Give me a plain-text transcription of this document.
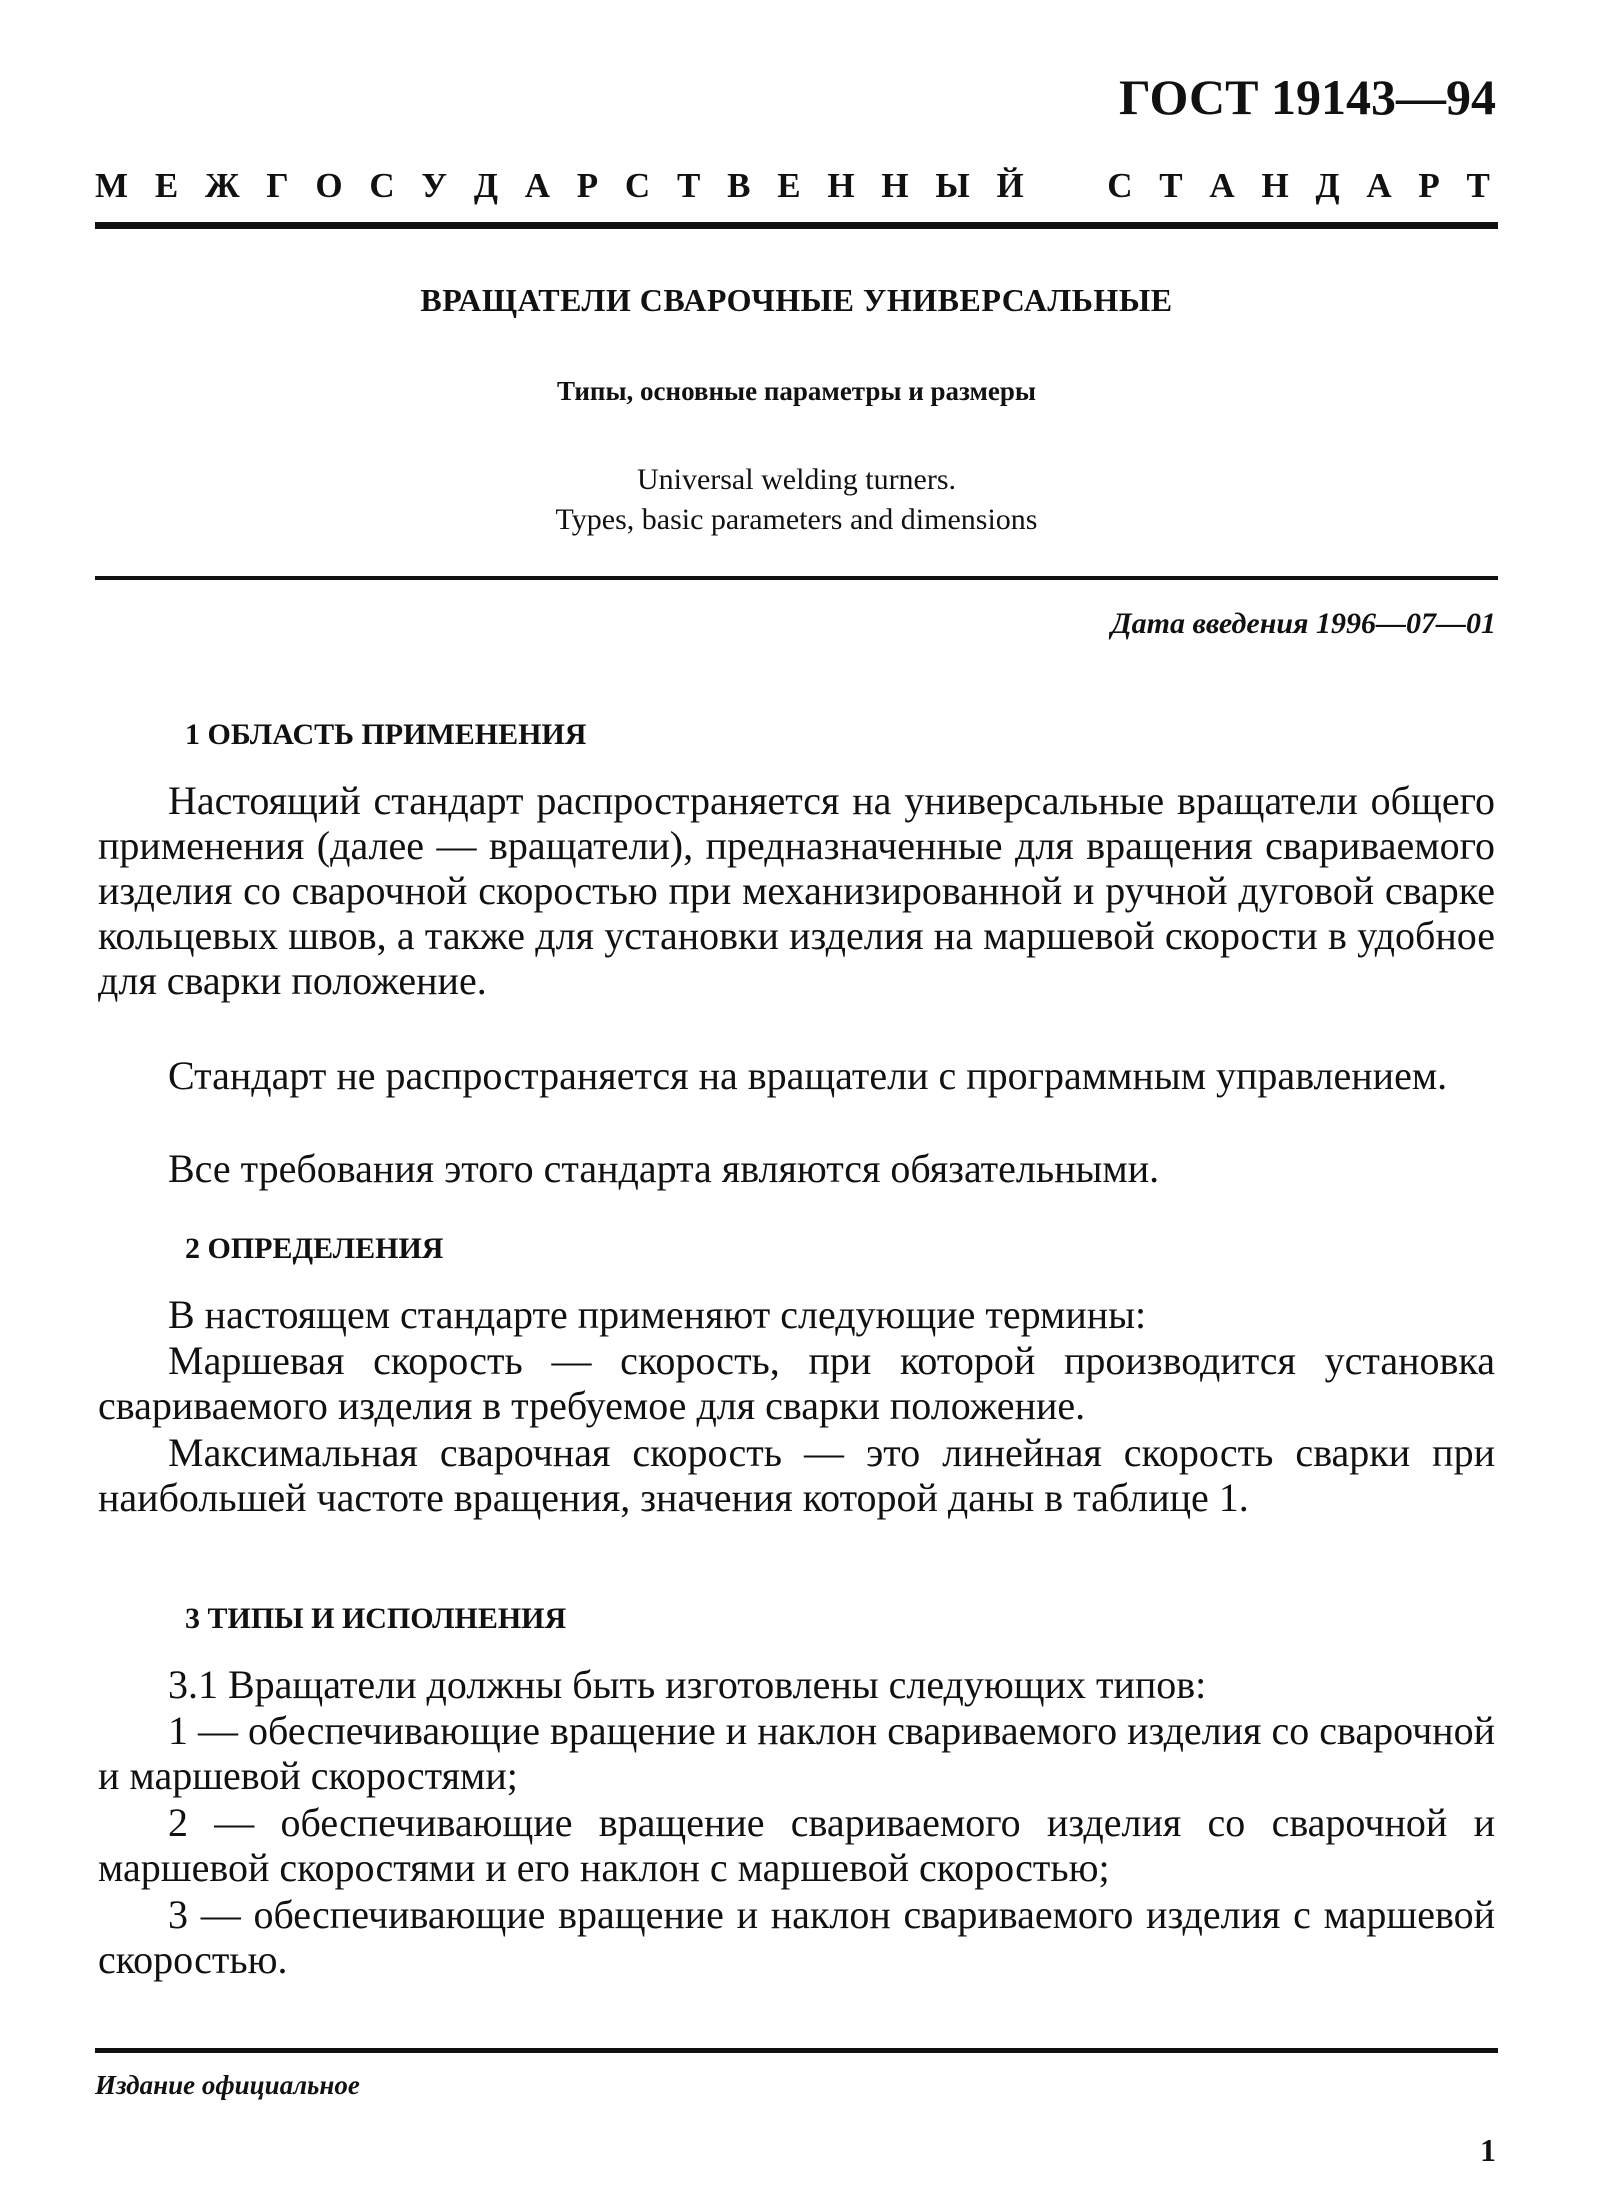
ГОСТ 19143—94
М Е Ж Г О С У Д А Р С Т В Е Н Н Ы Й С Т А Н Д А Р Т
ВРАЩАТЕЛИ СВАРОЧНЫЕ УНИВЕРСАЛЬНЫЕ
Типы, основные параметры и размеры
Universal welding turners.
Types, basic parameters and dimensions
Дата введения 1996—07—01
1 ОБЛАСТЬ ПРИМЕНЕНИЯ
Настоящий стандарт распространяется на универсальные вращатели общего применения (далее — вращатели), предназначенные для вращения свариваемого изделия со сварочной скоростью при механизированной и ручной дуговой сварке кольцевых швов, а также для установки изделия на маршевой скорости в удобное для сварки положение.
Стандарт не распространяется на вращатели с программным управлением.
Все требования этого стандарта являются обязательными.
2 ОПРЕДЕЛЕНИЯ
В настоящем стандарте применяют следующие термины:
Маршевая скорость — скорость, при которой производится установка свариваемого изделия в требуемое для сварки положение.
Максимальная сварочная скорость — это линейная скорость сварки при наибольшей частоте вращения, значения которой даны в таблице 1.
3 ТИПЫ И ИСПОЛНЕНИЯ
3.1 Вращатели должны быть изготовлены следующих типов:
1 — обеспечивающие вращение и наклон свариваемого изделия со сварочной и маршевой скоростями;
2 — обеспечивающие вращение свариваемого изделия со сварочной и маршевой скоростями и его наклон с маршевой скоростью;
3 — обеспечивающие вращение и наклон свариваемого изделия с маршевой скоростью.
Издание официальное
1
